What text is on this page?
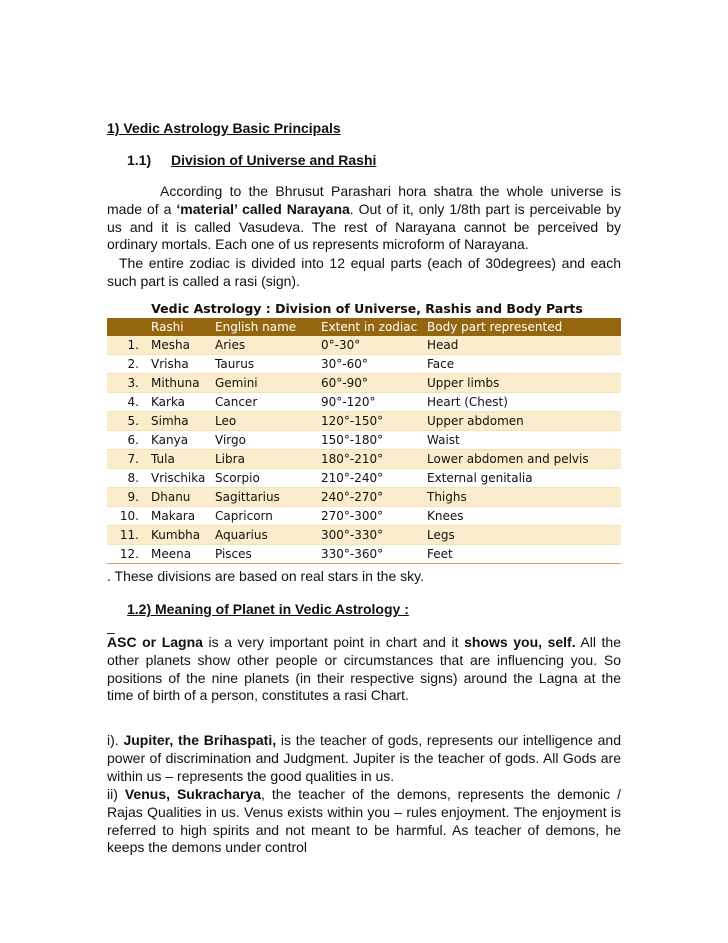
1) Vedic Astrology Basic Principals
1.1) Division of Universe and Rashi
According to the Bhrusut Parashari hora shatra the whole universe is made of a ‘material’ called Narayana. Out of it, only 1/8th part is perceivable by us and it is called Vasudeva. The rest of Narayana cannot be perceived by ordinary mortals. Each one of us represents microform of Narayana.
The entire zodiac is divided into 12 equal parts (each of 30degrees) and each such part is called a rasi (sign).
Vedic Astrology : Division of Universe, Rashis and Body Parts
	Rashi	English name	Extent in zodiac	Body part represented
1.	Mesha	Aries	0°-30°	Head
2.	Vrisha	Taurus	30°-60°	Face
3.	Mithuna	Gemini	60°-90°	Upper limbs
4.	Karka	Cancer	90°-120°	Heart (Chest)
5.	Simha	Leo	120°-150°	Upper abdomen
6.	Kanya	Virgo	150°-180°	Waist
7.	Tula	Libra	180°-210°	Lower abdomen and pelvis
8.	Vrischika	Scorpio	210°-240°	External genitalia
9.	Dhanu	Sagittarius	240°-270°	Thighs
10.	Makara	Capricorn	270°-300°	Knees
11.	Kumbha	Aquarius	300°-330°	Legs
12.	Meena	Pisces	330°-360°	Feet
. These divisions are based on real stars in the sky.
1.2) Meaning of Planet in Vedic Astrology :
_
ASC or Lagna is a very important point in chart and it shows you, self. All the other planets show other people or circumstances that are influencing you. So positions of the nine planets (in their respective signs) around the Lagna at the time of birth of a person, constitutes a rasi Chart.
i). Jupiter, the Brihaspati, is the teacher of gods, represents our intelligence and power of discrimination and Judgment. Jupiter is the teacher of gods. All Gods are within us – represents the good qualities in us.
ii) Venus, Sukracharya, the teacher of the demons, represents the demonic / Rajas Qualities in us. Venus exists within you – rules enjoyment. The enjoyment is referred to high spirits and not meant to be harmful. As teacher of demons, he keeps the demons under control
